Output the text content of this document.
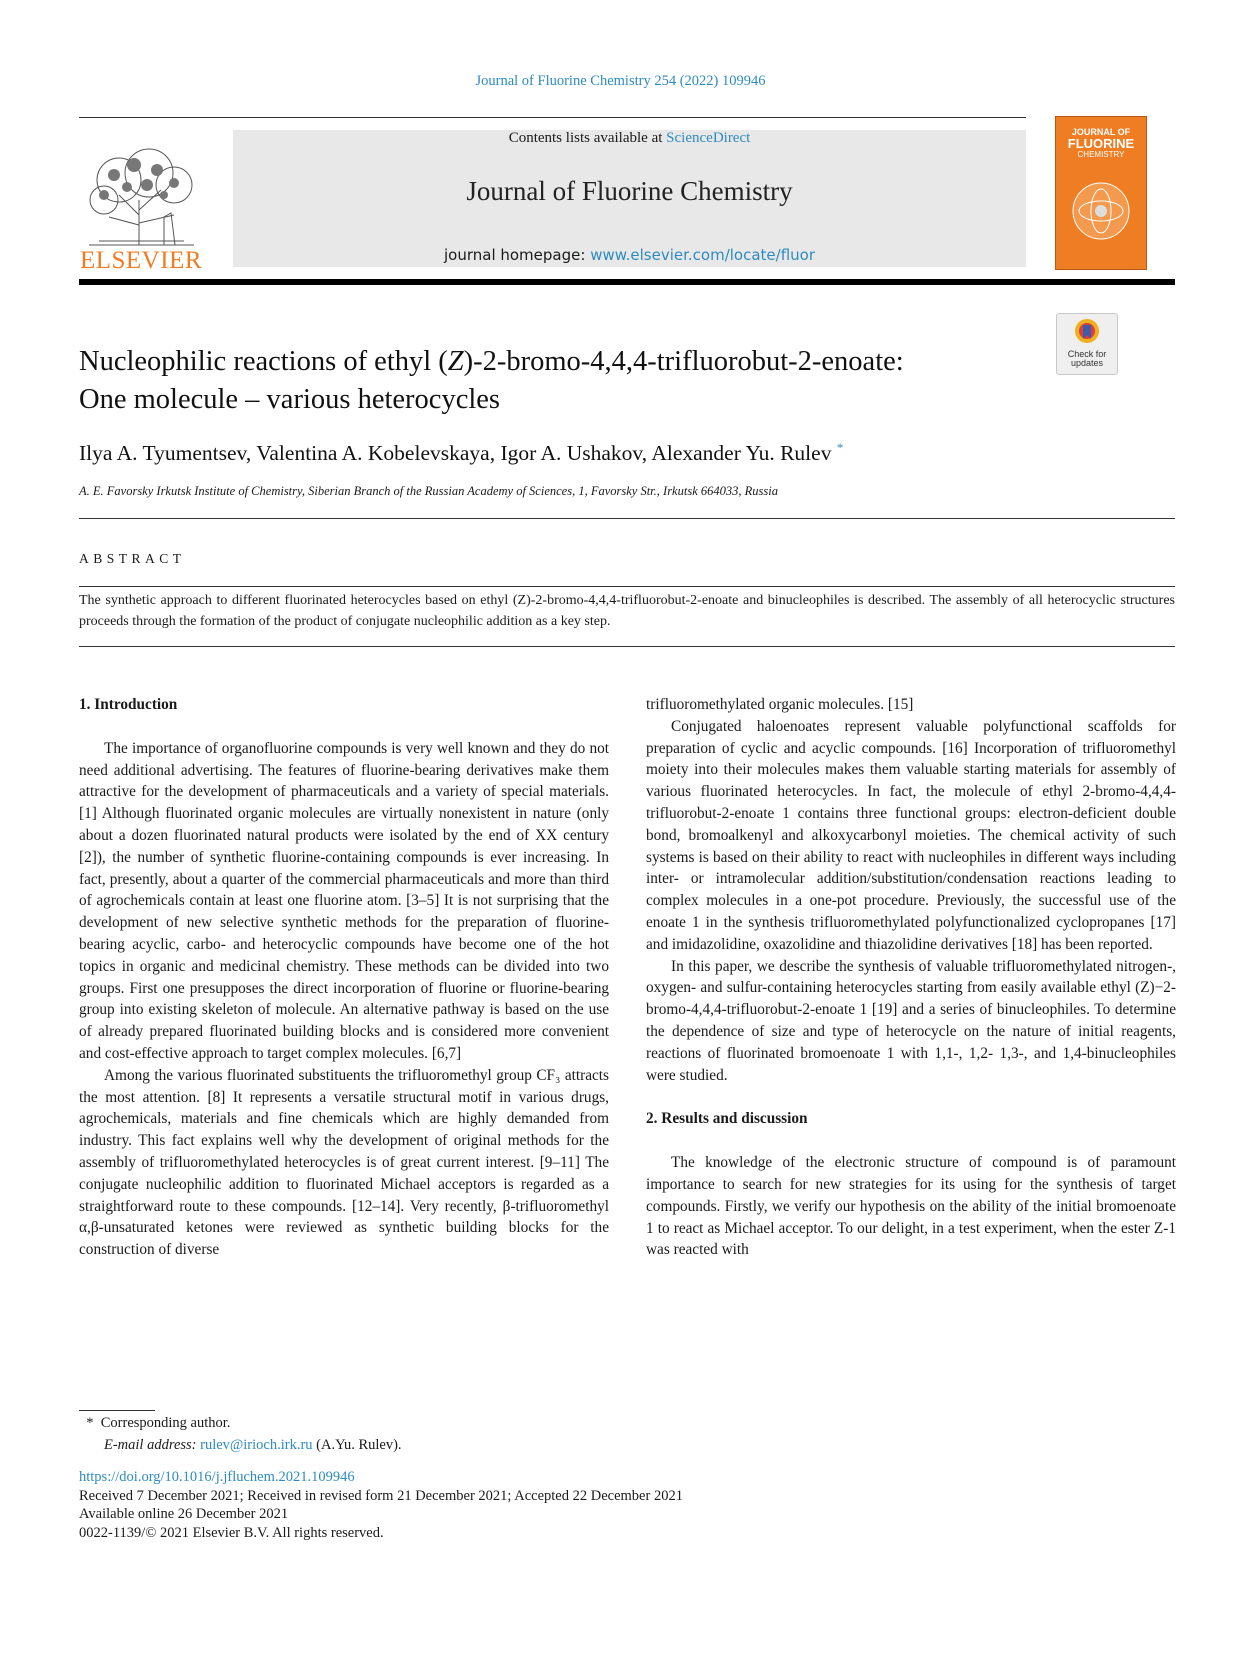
Journal of Fluorine Chemistry 254 (2022) 109946
ELSEVIER
Contents lists available at ScienceDirect
Journal of Fluorine Chemistry
journal homepage: www.elsevier.com/locate/fluor
JOURNAL OF
FLUORINE
CHEMISTRY
Check for updates
Nucleophilic reactions of ethyl (Z)-2-bromo-4,4,4-trifluorobut-2-enoate:
One molecule – various heterocycles
Ilya A. Tyumentsev, Valentina A. Kobelevskaya, Igor A. Ushakov, Alexander Yu. Rulev *
A. E. Favorsky Irkutsk Institute of Chemistry, Siberian Branch of the Russian Academy of Sciences, 1, Favorsky Str., Irkutsk 664033, Russia
ABSTRACT
The synthetic approach to different fluorinated heterocycles based on ethyl (Z)-2-bromo-4,4,4-trifluorobut-2-enoate and binucleophiles is described. The assembly of all heterocyclic structures proceeds through the formation of the product of conjugate nucleophilic addition as a key step.

1. Introduction

The importance of organofluorine compounds is very well known and they do not need additional advertising. The features of fluorine-bearing derivatives make them attractive for the development of pharmaceuticals and a variety of special materials. [1] Although fluorinated organic molecules are virtually nonexistent in nature (only about a dozen fluorinated natural products were isolated by the end of XX century [2]), the number of synthetic fluorine-containing compounds is ever increasing. In fact, presently, about a quarter of the commercial pharmaceuticals and more than third of agrochemicals contain at least one fluorine atom. [3–5] It is not surprising that the development of new selective synthetic methods for the preparation of fluorine-bearing acyclic, carbo- and heterocyclic compounds have become one of the hot topics in organic and medicinal chemistry. These methods can be divided into two groups. First one presupposes the direct incorporation of fluorine or fluorine-bearing group into existing skeleton of molecule. An alternative pathway is based on the use of already prepared fluorinated building blocks and is considered more convenient and cost-effective approach to target complex molecules. [6,7]

Among the various fluorinated substituents the trifluoromethyl group CF₃ attracts the most attention. [8] It represents a versatile structural motif in various drugs, agrochemicals, materials and fine chemicals which are highly demanded from industry. This fact explains well why the development of original methods for the assembly of trifluoromethylated heterocycles is of great current interest. [9–11] The conjugate nucleophilic addition to fluorinated Michael acceptors is regarded as a straightforward route to these compounds. [12–14]. Very recently, β-trifluoromethyl α,β-unsaturated ketones were reviewed as synthetic building blocks for the construction of diverse

trifluoromethylated organic molecules. [15]

Conjugated haloenoates represent valuable polyfunctional scaffolds for preparation of cyclic and acyclic compounds. [16] Incorporation of trifluoromethyl moiety into their molecules makes them valuable starting materials for assembly of various fluorinated heterocycles. In fact, the molecule of ethyl 2-bromo-4,4,4-trifluorobut-2-enoate 1 contains three functional groups: electron-deficient double bond, bromoalkenyl and alkoxycarbonyl moieties. The chemical activity of such systems is based on their ability to react with nucleophiles in different ways including inter- or intramolecular addition/substitution/condensation reactions leading to complex molecules in a one-pot procedure. Previously, the successful use of the enoate 1 in the synthesis trifluoromethylated polyfunctionalized cyclopropanes [17] and imidazolidine, oxazolidine and thiazolidine derivatives [18] has been reported.

In this paper, we describe the synthesis of valuable trifluoromethylated nitrogen-, oxygen- and sulfur-containing heterocycles starting from easily available ethyl (Z)−2-bromo-4,4,4-trifluorobut-2-enoate 1 [19] and a series of binucleophiles. To determine the dependence of size and type of heterocycle on the nature of initial reagents, reactions of fluorinated bromoenoate 1 with 1,1-, 1,2- 1,3-, and 1,4-binucleophiles were studied.

2. Results and discussion

The knowledge of the electronic structure of compound is of paramount importance to search for new strategies for its using for the synthesis of target compounds. Firstly, we verify our hypothesis on the ability of the initial bromoenoate 1 to react as Michael acceptor. To our delight, in a test experiment, when the ester Z-1 was reacted with

* Corresponding author.
E-mail address: rulev@irioch.irk.ru (A.Yu. Rulev).
https://doi.org/10.1016/j.jfluchem.2021.109946
Received 7 December 2021; Received in revised form 21 December 2021; Accepted 22 December 2021
Available online 26 December 2021
0022-1139/© 2021 Elsevier B.V. All rights reserved.
